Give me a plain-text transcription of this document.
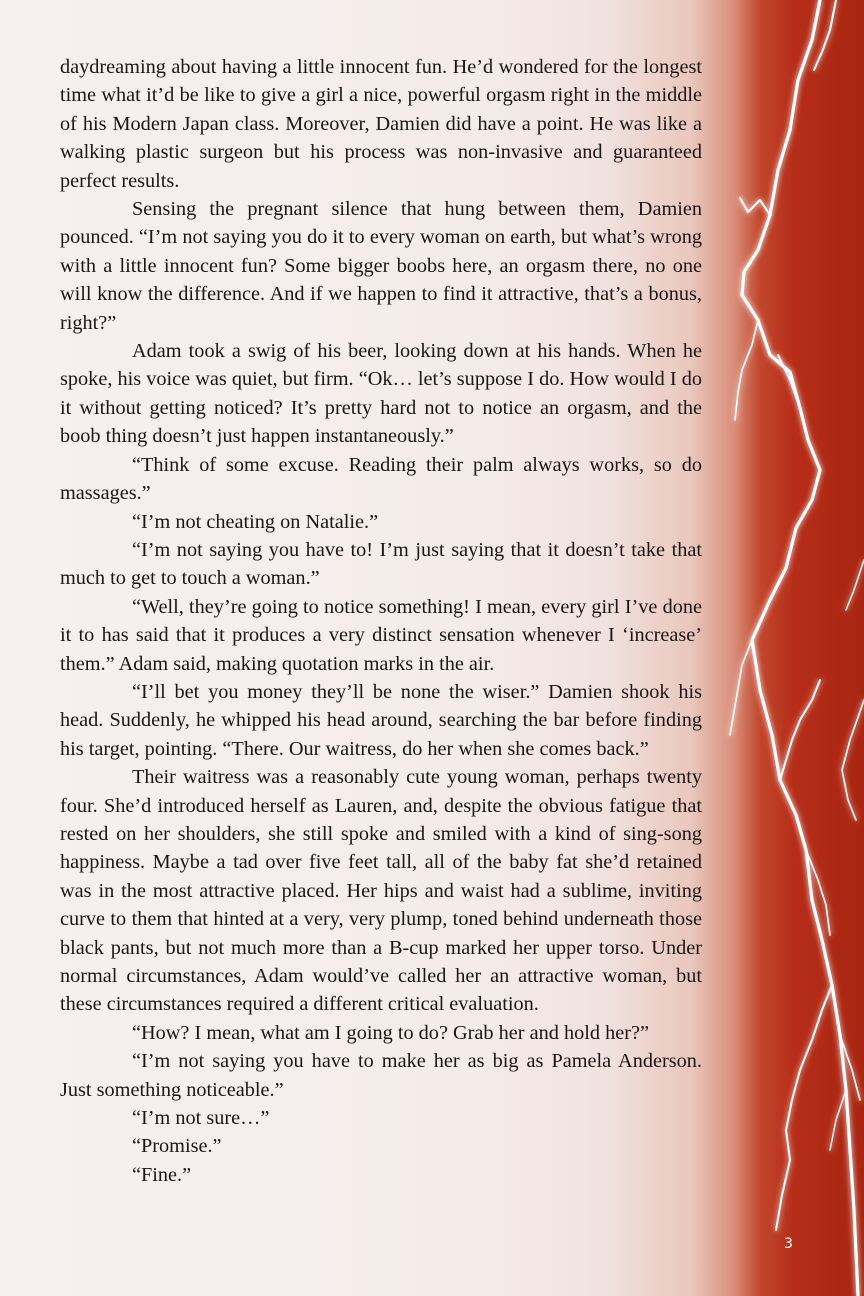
daydreaming about having a little innocent fun. He’d wondered for the longest time what it’d be like to give a girl a nice, powerful orgasm right in the middle of his Modern Japan class. Moreover, Damien did have a point. He was like a walking plastic surgeon but his process was non-invasive and guaranteed perfect results.

Sensing the pregnant silence that hung between them, Damien pounced. “I’m not saying you do it to every woman on earth, but what’s wrong with a little innocent fun? Some bigger boobs here, an orgasm there, no one will know the difference. And if we happen to find it attractive, that’s a bonus, right?”

Adam took a swig of his beer, looking down at his hands. When he spoke, his voice was quiet, but firm. “Ok… let’s suppose I do. How would I do it without getting noticed? It’s pretty hard not to notice an orgasm, and the boob thing doesn’t just happen instantaneously.”

“Think of some excuse. Reading their palm always works, so do massages.”

“I’m not cheating on Natalie.”

“I’m not saying you have to! I’m just saying that it doesn’t take that much to get to touch a woman.”

“Well, they’re going to notice something! I mean, every girl I’ve done it to has said that it produces a very distinct sensation whenever I ‘increase’ them.” Adam said, making quotation marks in the air.

“I’ll bet you money they’ll be none the wiser.” Damien shook his head. Suddenly, he whipped his head around, searching the bar before finding his target, pointing. “There. Our waitress, do her when she comes back.”

Their waitress was a reasonably cute young woman, perhaps twenty four. She’d introduced herself as Lauren, and, despite the obvious fatigue that rested on her shoulders, she still spoke and smiled with a kind of sing-song happiness. Maybe a tad over five feet tall, all of the baby fat she’d retained was in the most attractive placed. Her hips and waist had a sublime, inviting curve to them that hinted at a very, very plump, toned behind underneath those black pants, but not much more than a B-cup marked her upper torso. Under normal circumstances, Adam would’ve called her an attractive woman, but these circumstances required a different critical evaluation.

“How? I mean, what am I going to do? Grab her and hold her?”

“I’m not saying you have to make her as big as Pamela Anderson. Just something noticeable.”

“I’m not sure…”

“Promise.”

“Fine.”

3
